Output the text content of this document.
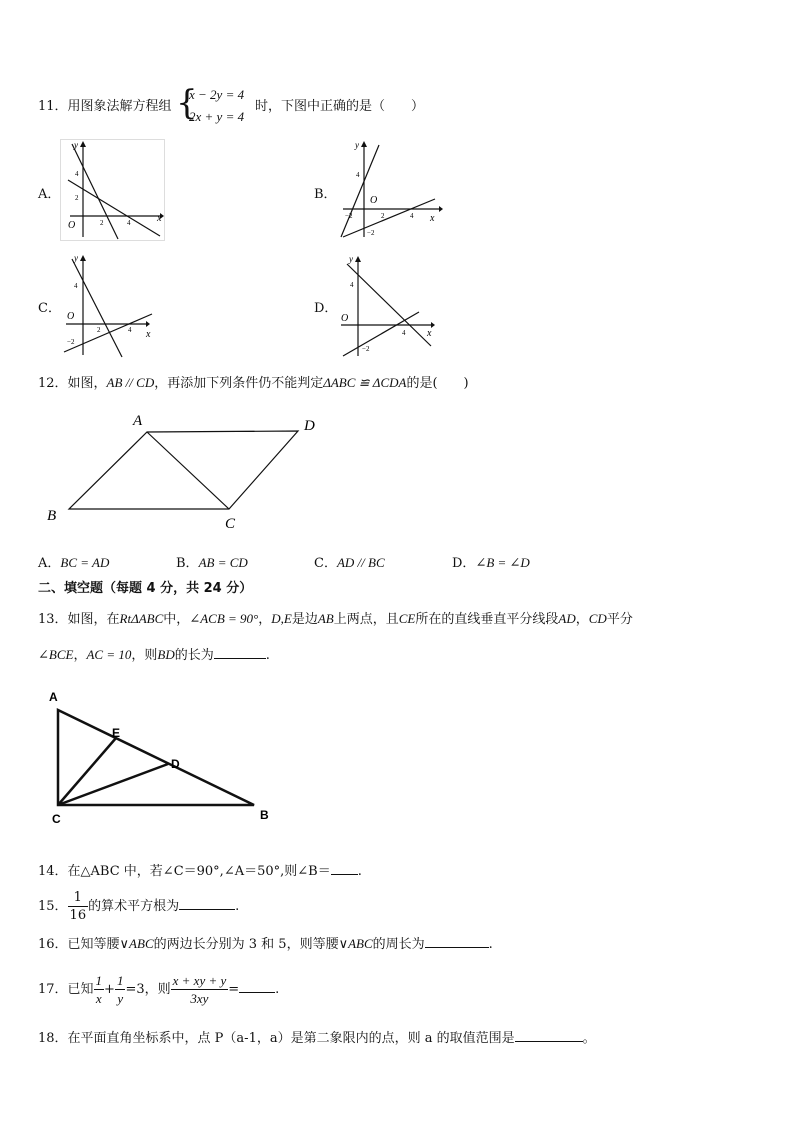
11．用图象法解方程组 {
x − 2y = 4
2x + y = 4
时，下图中正确的是（　　）
A．	B．
C．	D．
y
x
O
4
2
2	4
y
x
O
4
−2	2	4
−2
y
x
O
4
2	4
−2
y
x
O
4
4
−2
12．如图，AB // CD，再添加下列条件仍不能判定ΔABC ≌ ΔCDA的是(　　)
A	D
B	C
A．BC = AD	B．AB = CD	C．AD // BC	D．∠B = ∠D
二、填空题（每题 4 分，共 24 分）
13．如图，在RtΔABC中，∠ACB = 90°，D,E是边AB上两点，且CE所在的直线垂直平分线段AD，CD平分
∠BCE，AC = 10，则BD的长为	.
A
E
D
C	B
14．在△ABC 中，若∠C＝90°,∠A＝50°,则∠B＝ .
15． $\frac{1}{16}$ 的算术平方根为	.
16．已知等腰∨ABC的两边长分别为 3 和 5，则等腰∨ABC的周长为	.
17．已知 $\frac{1}{x} + \frac{1}{y} =3$，则 $\frac{x + xy + y}{3xy}$ =	.
18．在平面直角坐标系中，点 P（a-1，a）是第二象限内的点，则 a 的取值范围是	。
